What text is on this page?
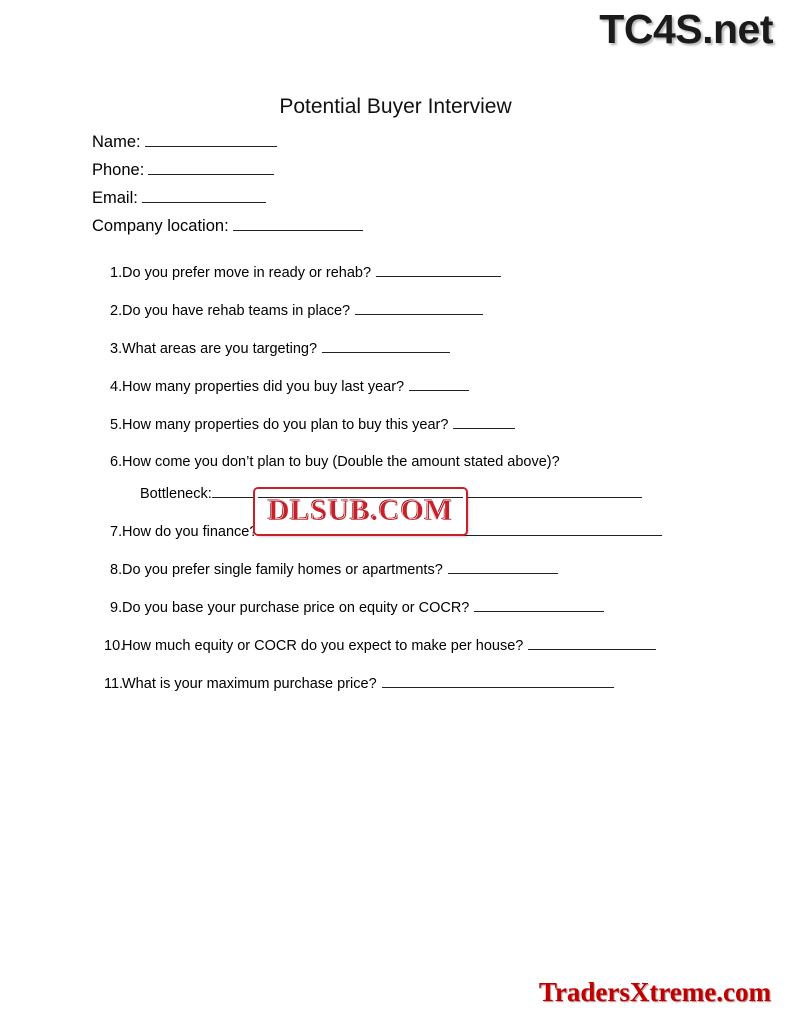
TC4S.net
Potential Buyer Interview
Name:
Phone:
Email:
Company location:
1. Do you prefer move in ready or rehab?
2. Do you have rehab teams in place?
3. What areas are you targeting?
4. How many properties did you buy last year?
5. How many properties do you plan to buy this year?
6. How come you don’t plan to buy (Double the amount stated above)?
Bottleneck:
7. How do you finance?
8. Do you prefer single family homes or apartments?
9. Do you base your purchase price on equity or COCR?
10.
How much equity or COCR do you expect to make per house?
11.
What is your maximum purchase price?
DLSUB.COM
TradersXtreme.com
